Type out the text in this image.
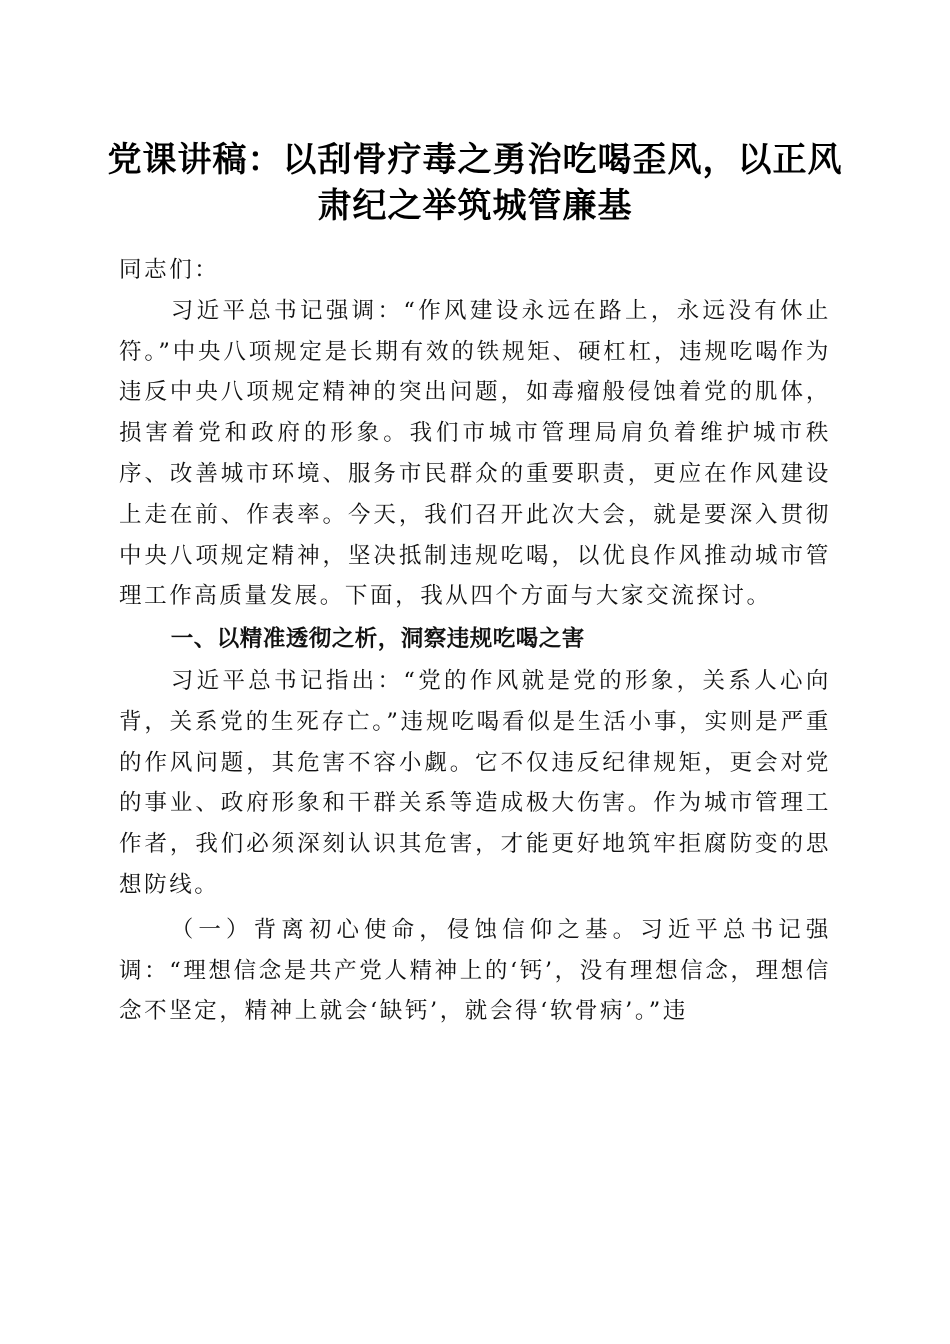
党课讲稿：以刮骨疗毒之勇治吃喝歪风，以正风肃纪之举筑城管廉基

同志们：

习近平总书记强调：“作风建设永远在路上，永远没有休止符。”中央八项规定是长期有效的铁规矩、硬杠杠，违规吃喝作为违反中央八项规定精神的突出问题，如毒瘤般侵蚀着党的肌体，损害着党和政府的形象。我们市城市管理局肩负着维护城市秩序、改善城市环境、服务市民群众的重要职责，更应在作风建设上走在前、作表率。今天，我们召开此次大会，就是要深入贯彻中央八项规定精神，坚决抵制违规吃喝，以优良作风推动城市管理工作高质量发展。下面，我从四个方面与大家交流探讨。

一、以精准透彻之析，洞察违规吃喝之害

习近平总书记指出：“党的作风就是党的形象，关系人心向背，关系党的生死存亡。”违规吃喝看似是生活小事，实则是严重的作风问题，其危害不容小觑。它不仅违反纪律规矩，更会对党的事业、政府形象和干群关系等造成极大伤害。作为城市管理工作者，我们必须深刻认识其危害，才能更好地筑牢拒腐防变的思想防线。

（一）背离初心使命，侵蚀信仰之基。习近平总书记强调：“理想信念是共产党人精神上的‘钙’，没有理想信念，理想信念不坚定，精神上就会‘缺钙’，就会得‘软骨病’。”违
